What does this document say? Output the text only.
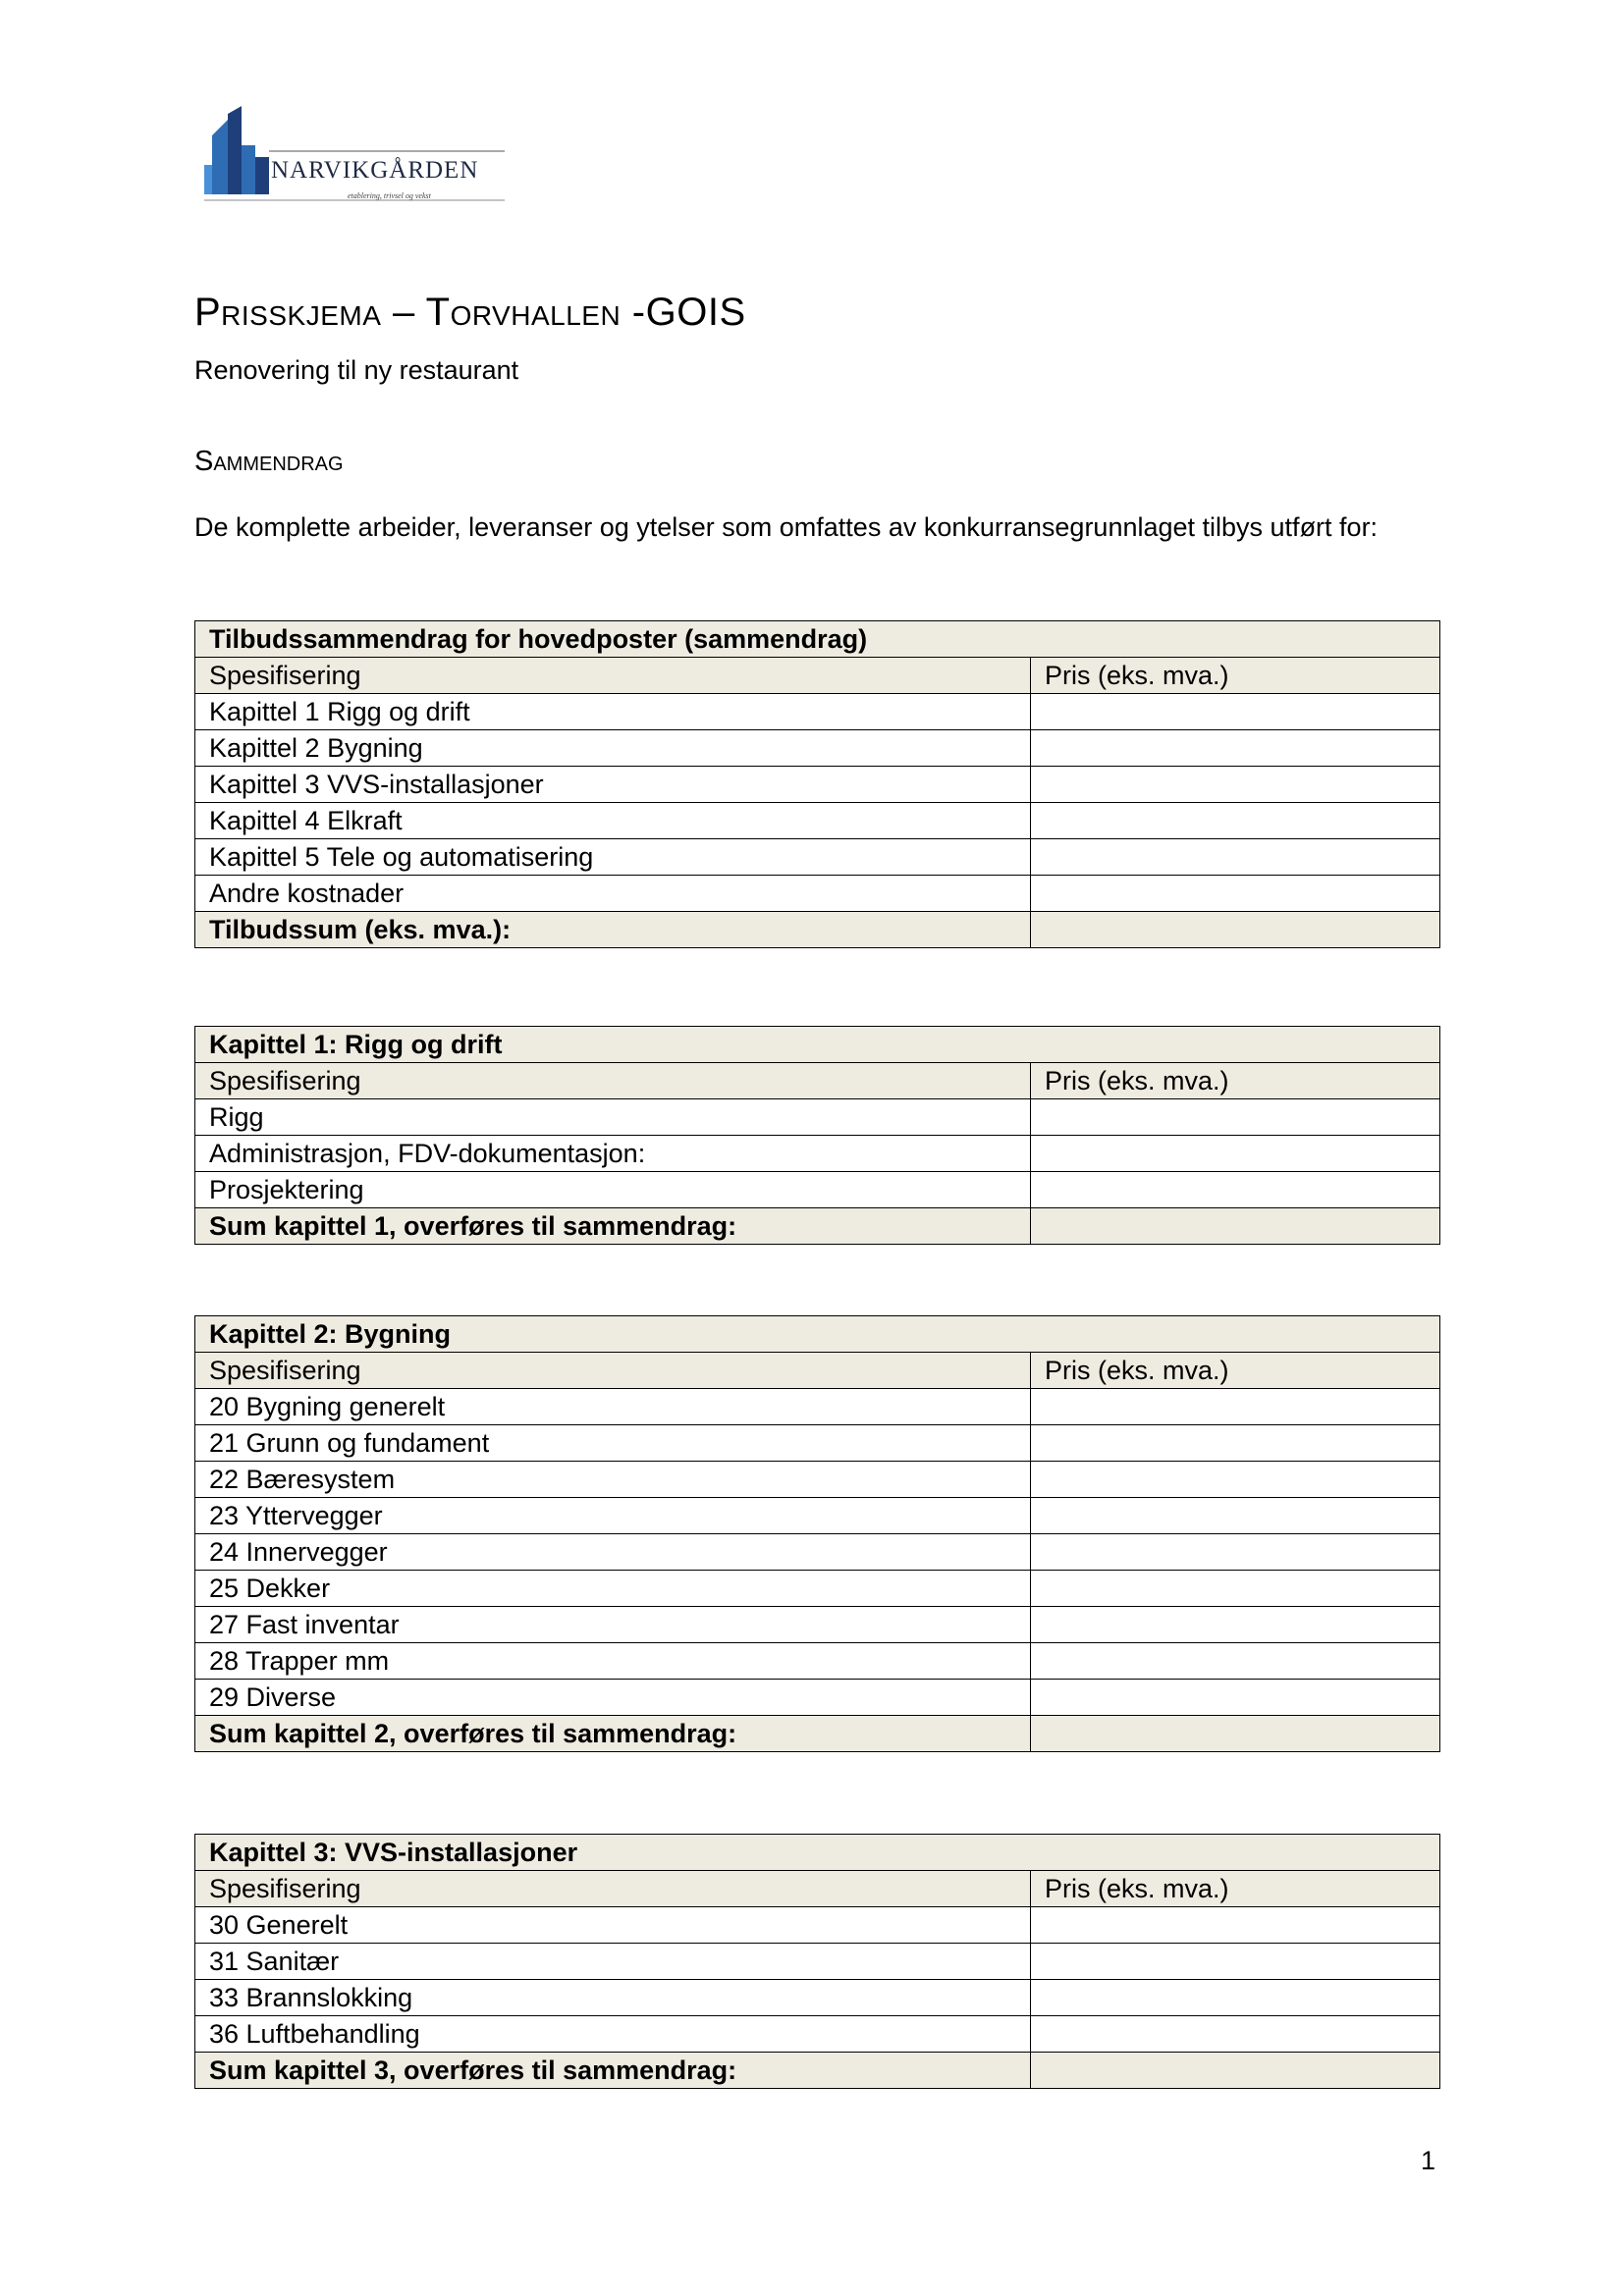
NARVIKGÅRDEN
etablering, trivsel og vekst
Prisskjema – Torvhallen -GOIS
Renovering til ny restaurant
Sammendrag
De komplette arbeider, leveranser og ytelser som omfattes av konkurransegrunnlaget tilbys utført for:
Tilbudssammendrag for hovedposter (sammendrag)	
Spesifisering	Pris (eks. mva.)
Kapittel 1 Rigg og drift	
Kapittel 2 Bygning	
Kapittel 3 VVS-installasjoner	
Kapittel 4 Elkraft	
Kapittel 5 Tele og automatisering	
Andre kostnader	
Tilbudssum (eks. mva.):	
Kapittel 1: Rigg og drift	
Spesifisering	Pris (eks. mva.)
Rigg	
Administrasjon, FDV-dokumentasjon:	
Prosjektering	
Sum kapittel 1, overføres til sammendrag:	
Kapittel 2: Bygning	
Spesifisering	Pris (eks. mva.)
20 Bygning generelt	
21 Grunn og fundament	
22 Bæresystem	
23 Yttervegger	
24 Innervegger	
25 Dekker	
27 Fast inventar	
28 Trapper mm	
29 Diverse	
Sum kapittel 2, overføres til sammendrag:	
Kapittel 3: VVS-installasjoner	
Spesifisering	Pris (eks. mva.)
30 Generelt	
31 Sanitær	
33 Brannslokking	
36 Luftbehandling	
Sum kapittel 3, overføres til sammendrag:	
1
